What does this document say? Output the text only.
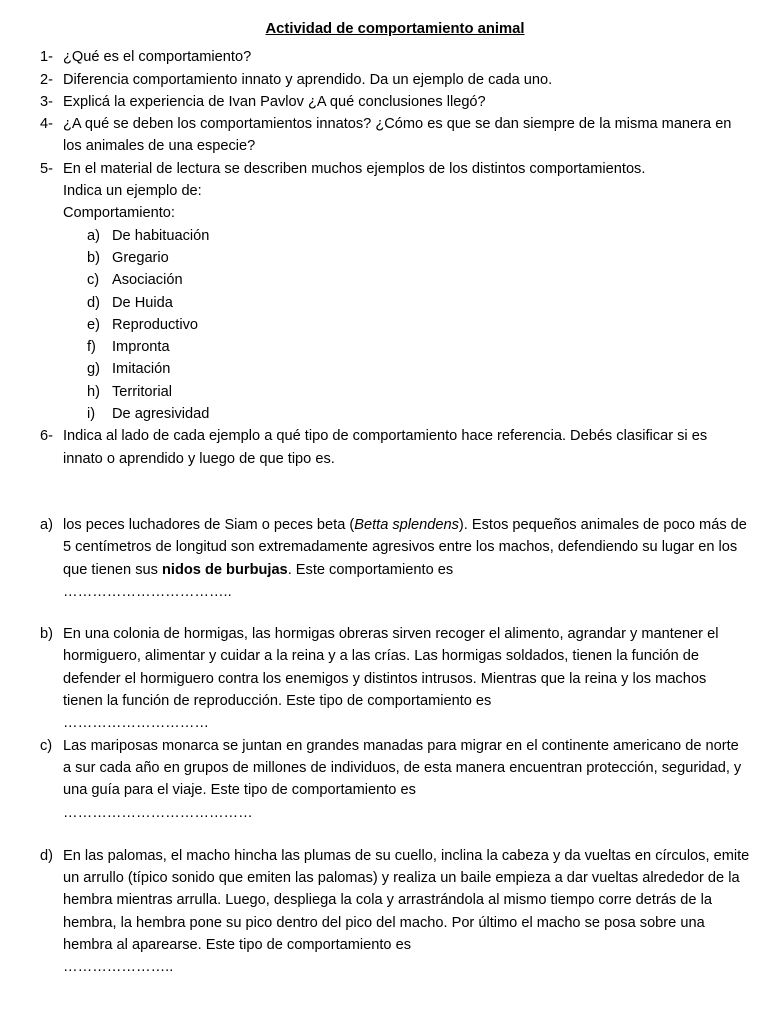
Actividad de comportamiento animal
1- ¿Qué es el comportamiento?
2- Diferencia comportamiento innato y aprendido. Da un ejemplo de cada uno.
3- Explicá la experiencia de Ivan Pavlov ¿A qué conclusiones llegó?
4- ¿A qué se deben los comportamientos innatos? ¿Cómo es que se dan siempre de la misma manera en los animales de una especie?
5- En el material de lectura se describen muchos ejemplos de los distintos comportamientos.
Indica un ejemplo de:
Comportamiento:
a) De habituación
b) Gregario
c) Asociación
d) De Huida
e) Reproductivo
f)	Impronta
g) Imitación
h) Territorial
i)	De agresividad
6- Indica al lado de cada ejemplo a qué tipo de comportamiento hace referencia. Debés clasificar si es innato o aprendido y luego de que tipo es.
a) los peces luchadores de Siam o peces beta (Betta splendens). Estos pequeños animales de poco más de 5 centímetros de longitud son extremadamente agresivos entre los machos, defendiendo su lugar en los que tienen sus nidos de burbujas. Este comportamiento es
……………………………..
b) En una colonia de hormigas, las hormigas obreras sirven recoger el alimento, agrandar y mantener el hormiguero, alimentar y cuidar a la reina y a las crías. Las hormigas soldados, tienen la función de defender el hormiguero contra los enemigos y distintos intrusos. Mientras que la reina y los machos tienen la función de reproducción. Este tipo de comportamiento es
…………………………
c) Las mariposas monarca se juntan en grandes manadas para migrar en el continente americano de norte a sur cada año en grupos de millones de individuos, de esta manera encuentran protección, seguridad, y una guía para el viaje. Este tipo de comportamiento es
…………………………………
d) En las palomas, el macho hincha las plumas de su cuello, inclina la cabeza y da vueltas en círculos, emite un arrullo (típico sonido que emiten las palomas) y realiza un baile empieza a dar vueltas alrededor de la hembra mientras arrulla. Luego, despliega la cola y arrastrándola al mismo tiempo corre detrás de la hembra, la hembra pone su pico dentro del pico del macho. Por último el macho se posa sobre una hembra al aparearse. Este tipo de comportamiento es
…………………..
